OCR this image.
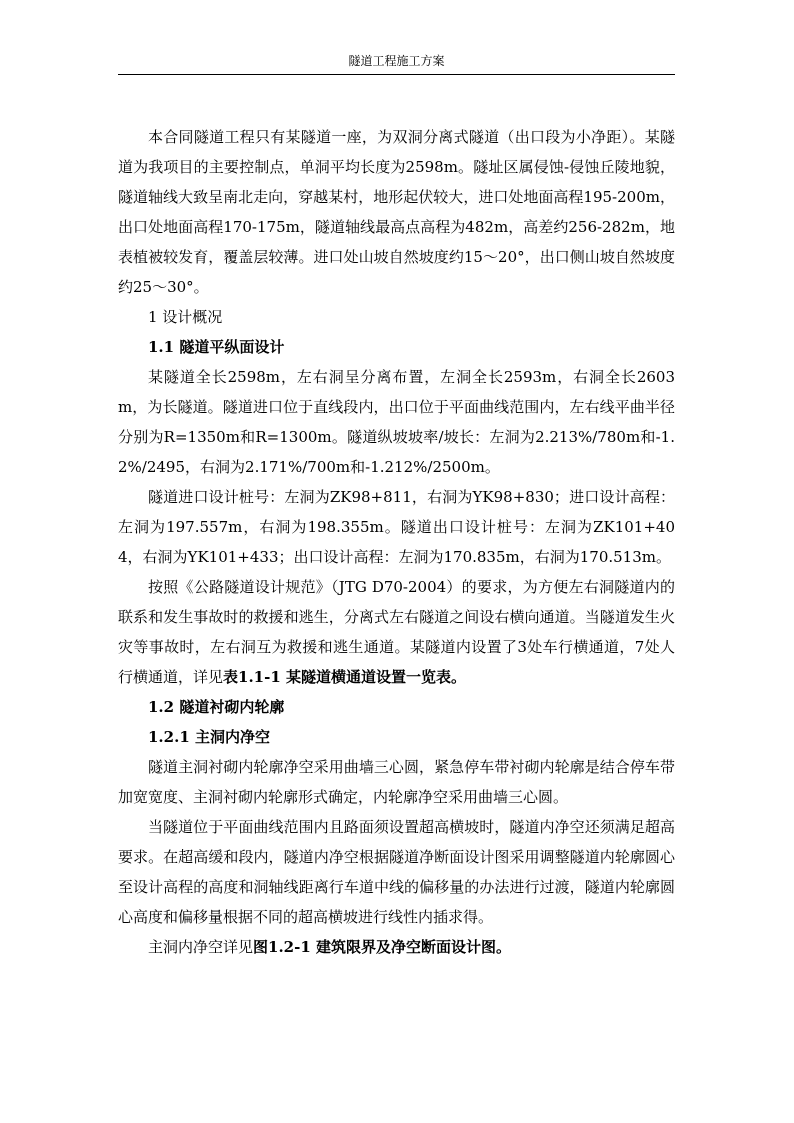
隧道工程施工方案

本合同隧道工程只有某隧道一座，为双洞分离式隧道（出口段为小净距）。某隧道为我项目的主要控制点，单洞平均长度为2598m。隧址区属侵蚀-侵蚀丘陵地貌，隧道轴线大致呈南北走向，穿越某村，地形起伏较大，进口处地面高程195-200m，出口处地面高程170-175m，隧道轴线最高点高程为482m，高差约256-282m，地表植被较发育，覆盖层较薄。进口处山坡自然坡度约15～20°，出口侧山坡自然坡度约25～30°。

1 设计概况

1.1 隧道平纵面设计

某隧道全长2598m，左右洞呈分离布置，左洞全长2593m，右洞全长2603m，为长隧道。隧道进口位于直线段内，出口位于平面曲线范围内，左右线平曲半径分别为R=1350m和R=1300m。隧道纵坡坡率/坡长：左洞为2.213%/780m和-1.2%/2495，右洞为2.171%/700m和-1.212%/2500m。

隧道进口设计桩号：左洞为ZK98+811，右洞为YK98+830；进口设计高程：左洞为197.557m，右洞为198.355m。隧道出口设计桩号：左洞为ZK101+404，右洞为YK101+433；出口设计高程：左洞为170.835m，右洞为170.513m。

按照《公路隧道设计规范》（JTG D70-2004）的要求，为方便左右洞隧道内的联系和发生事故时的救援和逃生，分离式左右隧道之间设右横向通道。当隧道发生火灾等事故时，左右洞互为救援和逃生通道。某隧道内设置了3处车行横通道，7处人行横通道，详见表1.1-1 某隧道横通道设置一览表。

1.2 隧道衬砌内轮廓

1.2.1 主洞内净空

隧道主洞衬砌内轮廓净空采用曲墙三心圆，紧急停车带衬砌内轮廓是结合停车带加宽宽度、主洞衬砌内轮廓形式确定，内轮廓净空采用曲墙三心圆。

当隧道位于平面曲线范围内且路面须设置超高横坡时，隧道内净空还须满足超高要求。在超高缓和段内，隧道内净空根据隧道净断面设计图采用调整隧道内轮廓圆心至设计高程的高度和洞轴线距离行车道中线的偏移量的办法进行过渡，隧道内轮廓圆心高度和偏移量根据不同的超高横坡进行线性内插求得。

主洞内净空详见图1.2-1 建筑限界及净空断面设计图。
